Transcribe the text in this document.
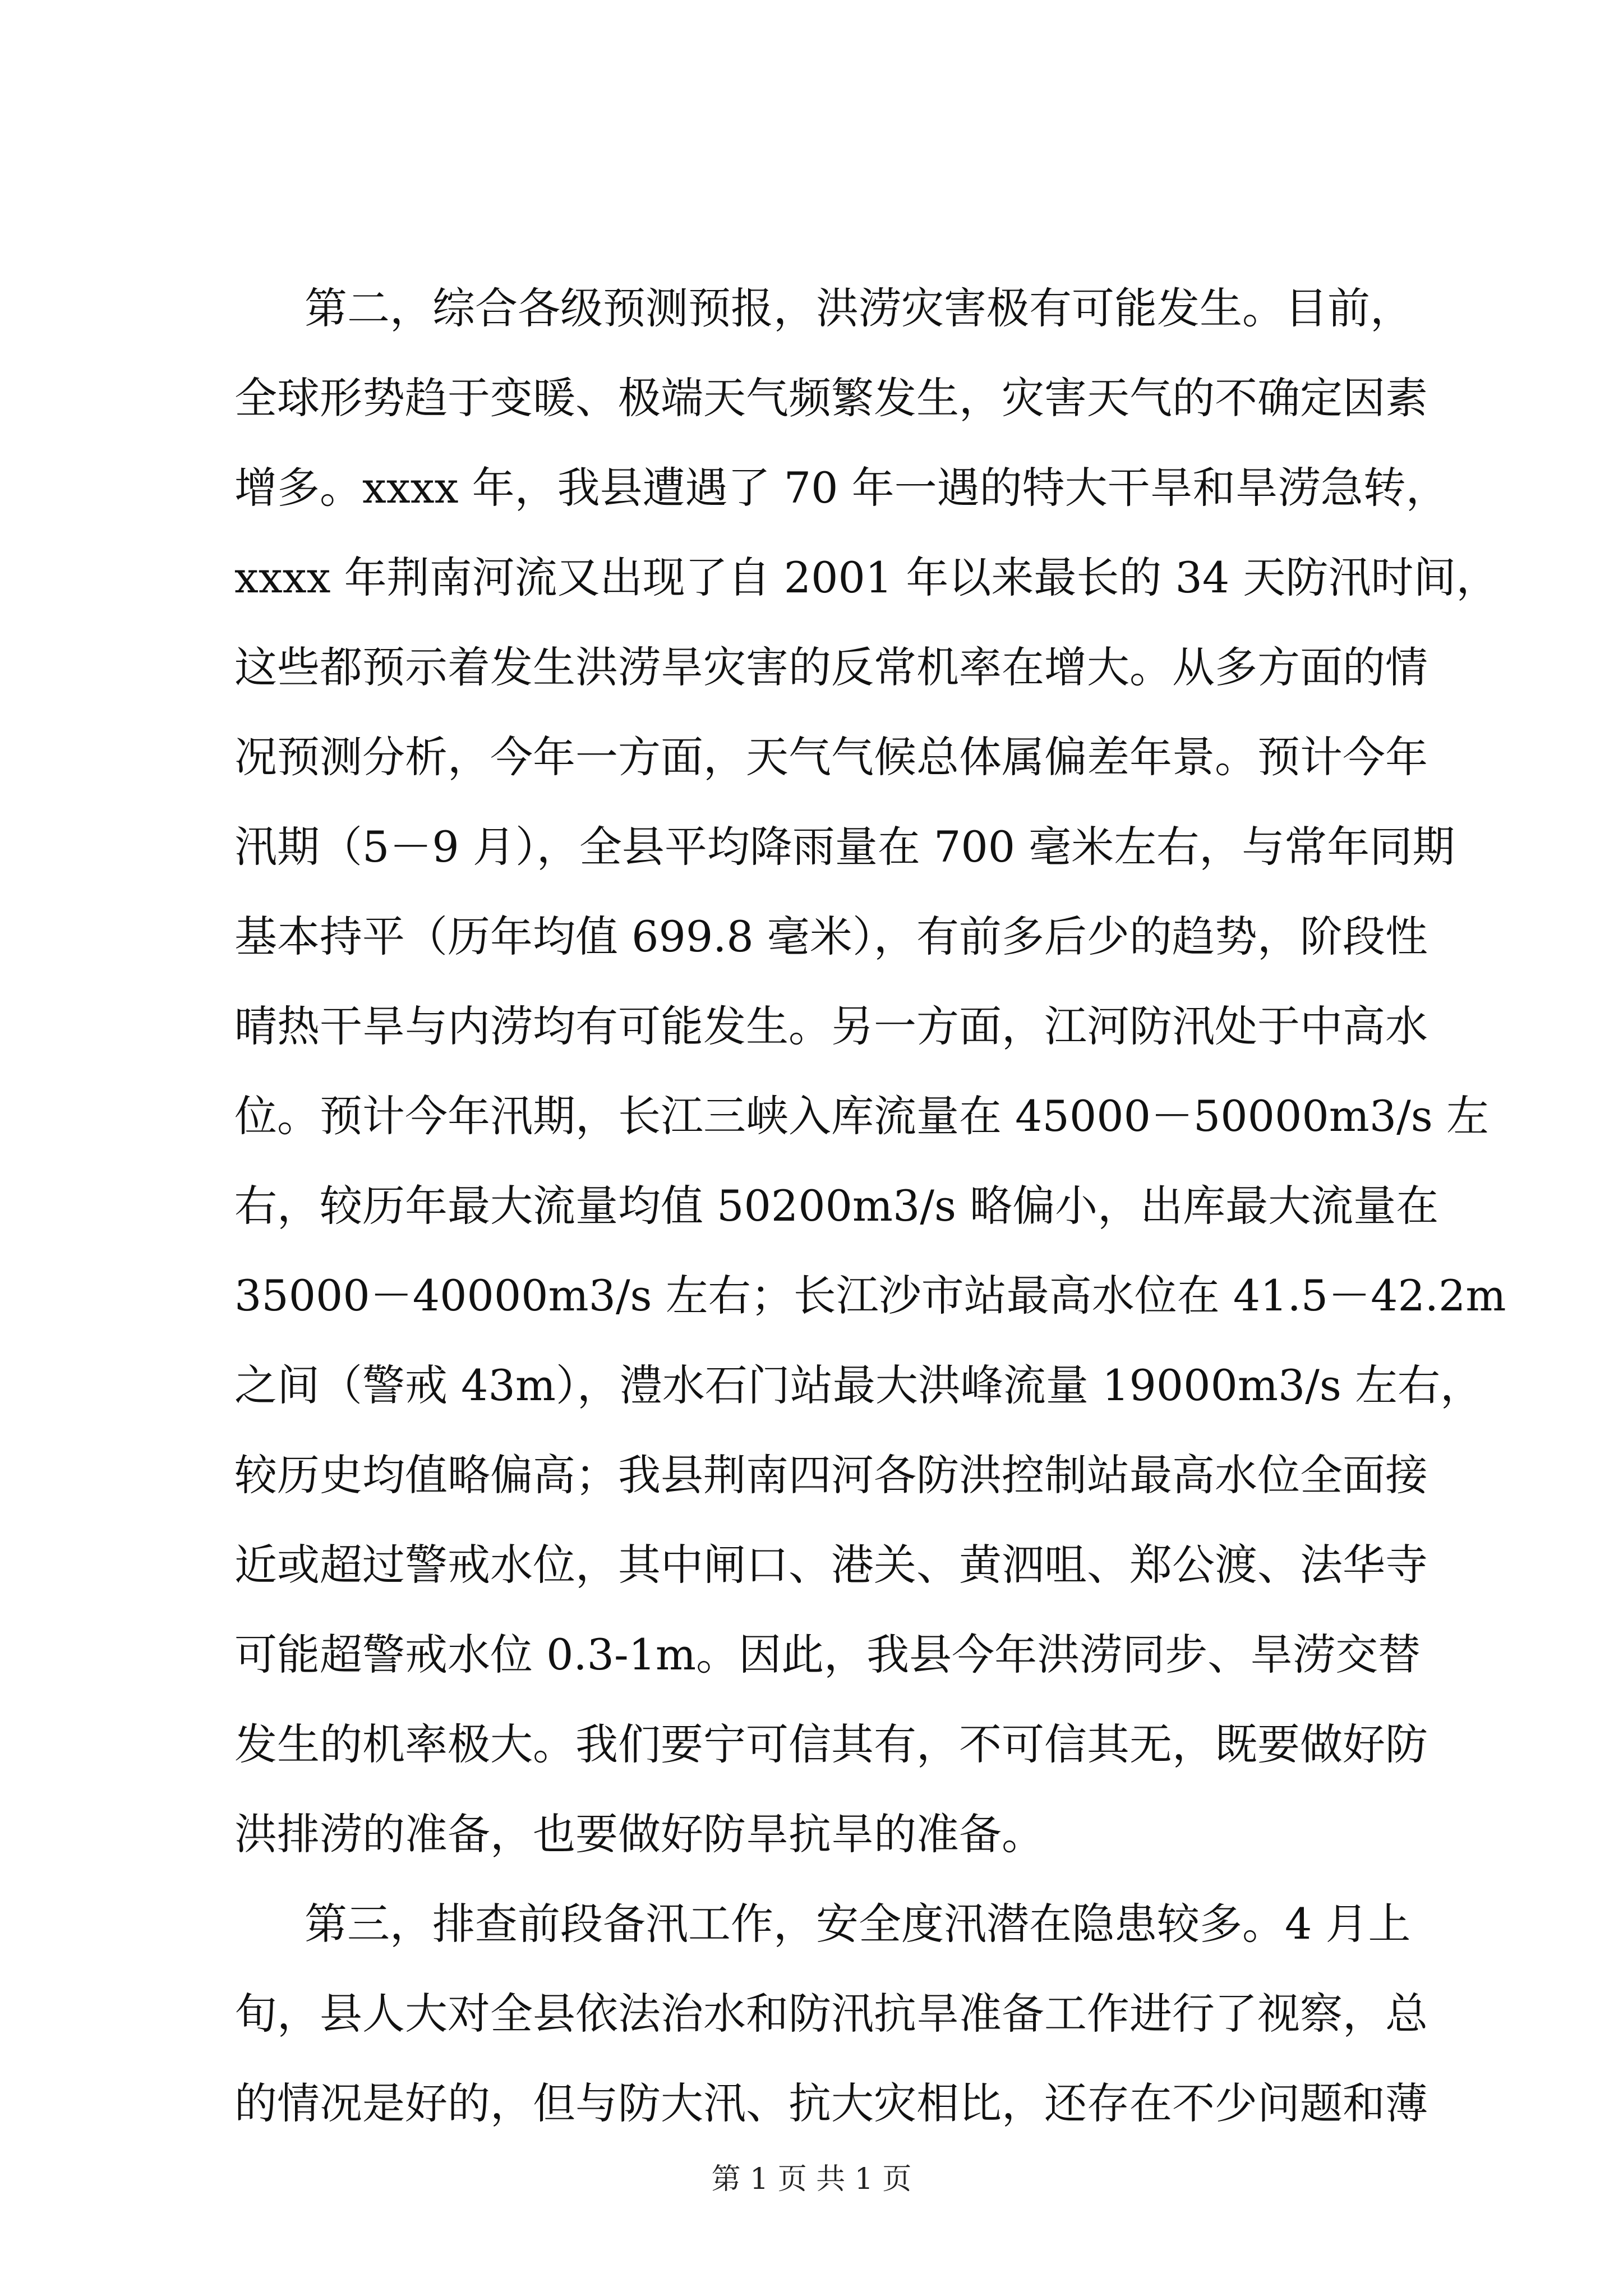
第二，综合各级预测预报，洪涝灾害极有可能发生。目前，
全球形势趋于变暖、极端天气频繁发生，灾害天气的不确定因素
增多。xxxx 年，我县遭遇了 70 年一遇的特大干旱和旱涝急转，
xxxx 年荆南河流又出现了自 2001 年以来最长的 34 天防汛时间，
这些都预示着发生洪涝旱灾害的反常机率在增大。从多方面的情
况预测分析，今年一方面，天气气候总体属偏差年景。预计今年
汛期（5－9 月），全县平均降雨量在 700 毫米左右，与常年同期
基本持平（历年均值 699.8 毫米），有前多后少的趋势，阶段性
晴热干旱与内涝均有可能发生。另一方面，江河防汛处于中高水
位。预计今年汛期，长江三峡入库流量在 45000－50000m3/s 左
右，较历年最大流量均值 50200m3/s 略偏小，出库最大流量在
35000－40000m3/s 左右；长江沙市站最高水位在 41.5－42.2m
之间（警戒 43m），澧水石门站最大洪峰流量 19000m3/s 左右，
较历史均值略偏高；我县荆南四河各防洪控制站最高水位全面接
近或超过警戒水位，其中闸口、港关、黄泗咀、郑公渡、法华寺
可能超警戒水位 0.3-1m。因此，我县今年洪涝同步、旱涝交替
发生的机率极大。我们要宁可信其有，不可信其无，既要做好防
洪排涝的准备，也要做好防旱抗旱的准备。
第三，排查前段备汛工作，安全度汛潜在隐患较多。4 月上
旬，县人大对全县依法治水和防汛抗旱准备工作进行了视察，总
的情况是好的，但与防大汛、抗大灾相比，还存在不少问题和薄
第 1 页 共 1 页
